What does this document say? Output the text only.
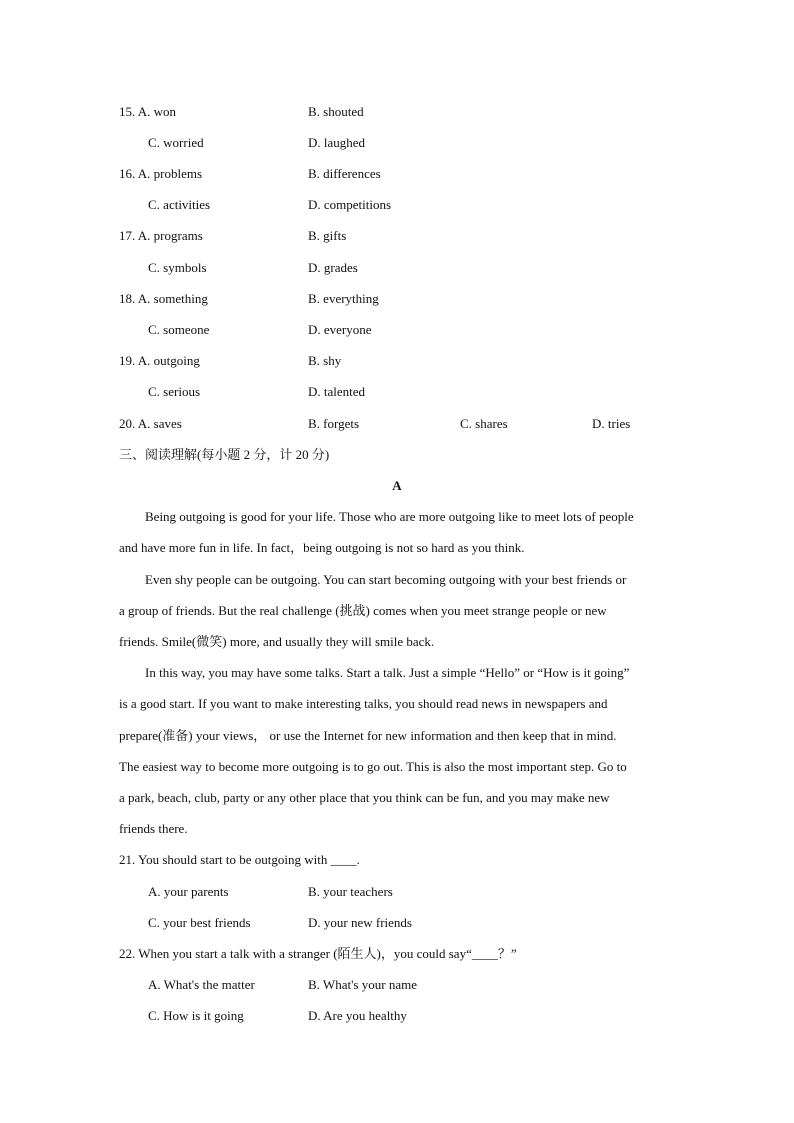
15. A. won	B. shouted
C. worried	D. laughed
16. A. problems	B. differences
C. activities	D. competitions
17. A. programs	B. gifts
C. symbols	D. grades
18. A. something	B. everything
C. someone	D. everyone
19. A. outgoing	B. shy
C. serious	D. talented
20. A. saves	B. forgets	C. shares	D. tries
三、阅读理解(每小题 2 分，计 20 分)
A
Being outgoing is good for your life. Those who are more outgoing like to meet lots of people
and have more fun in life. In fact，being outgoing is not so hard as you think.
Even shy people can be outgoing. You can start becoming outgoing with your best friends or
a group of friends. But the real challenge (挑战) comes when you meet strange people or new
friends. Smile(微笑) more, and usually they will smile back.
In this way, you may have some talks. Start a talk. Just a simple “Hello” or “How is it going”
is a good start. If you want to make interesting talks, you should read news in newspapers and
prepare(准备) your views， or use the Internet for new information and then keep that in mind.
The easiest way to become more outgoing is to go out. This is also the most important step. Go to
a park, beach, club, party or any other place that you think can be fun, and you may make new
friends there.
21. You should start to be outgoing with ____.
A. your parents	B. your teachers
C. your best friends	D. your new friends
22. When you start a talk with a stranger (陌生人)，you could say“____？”
A. What's the matter	B. What's your name
C. How is it going	D. Are you healthy
